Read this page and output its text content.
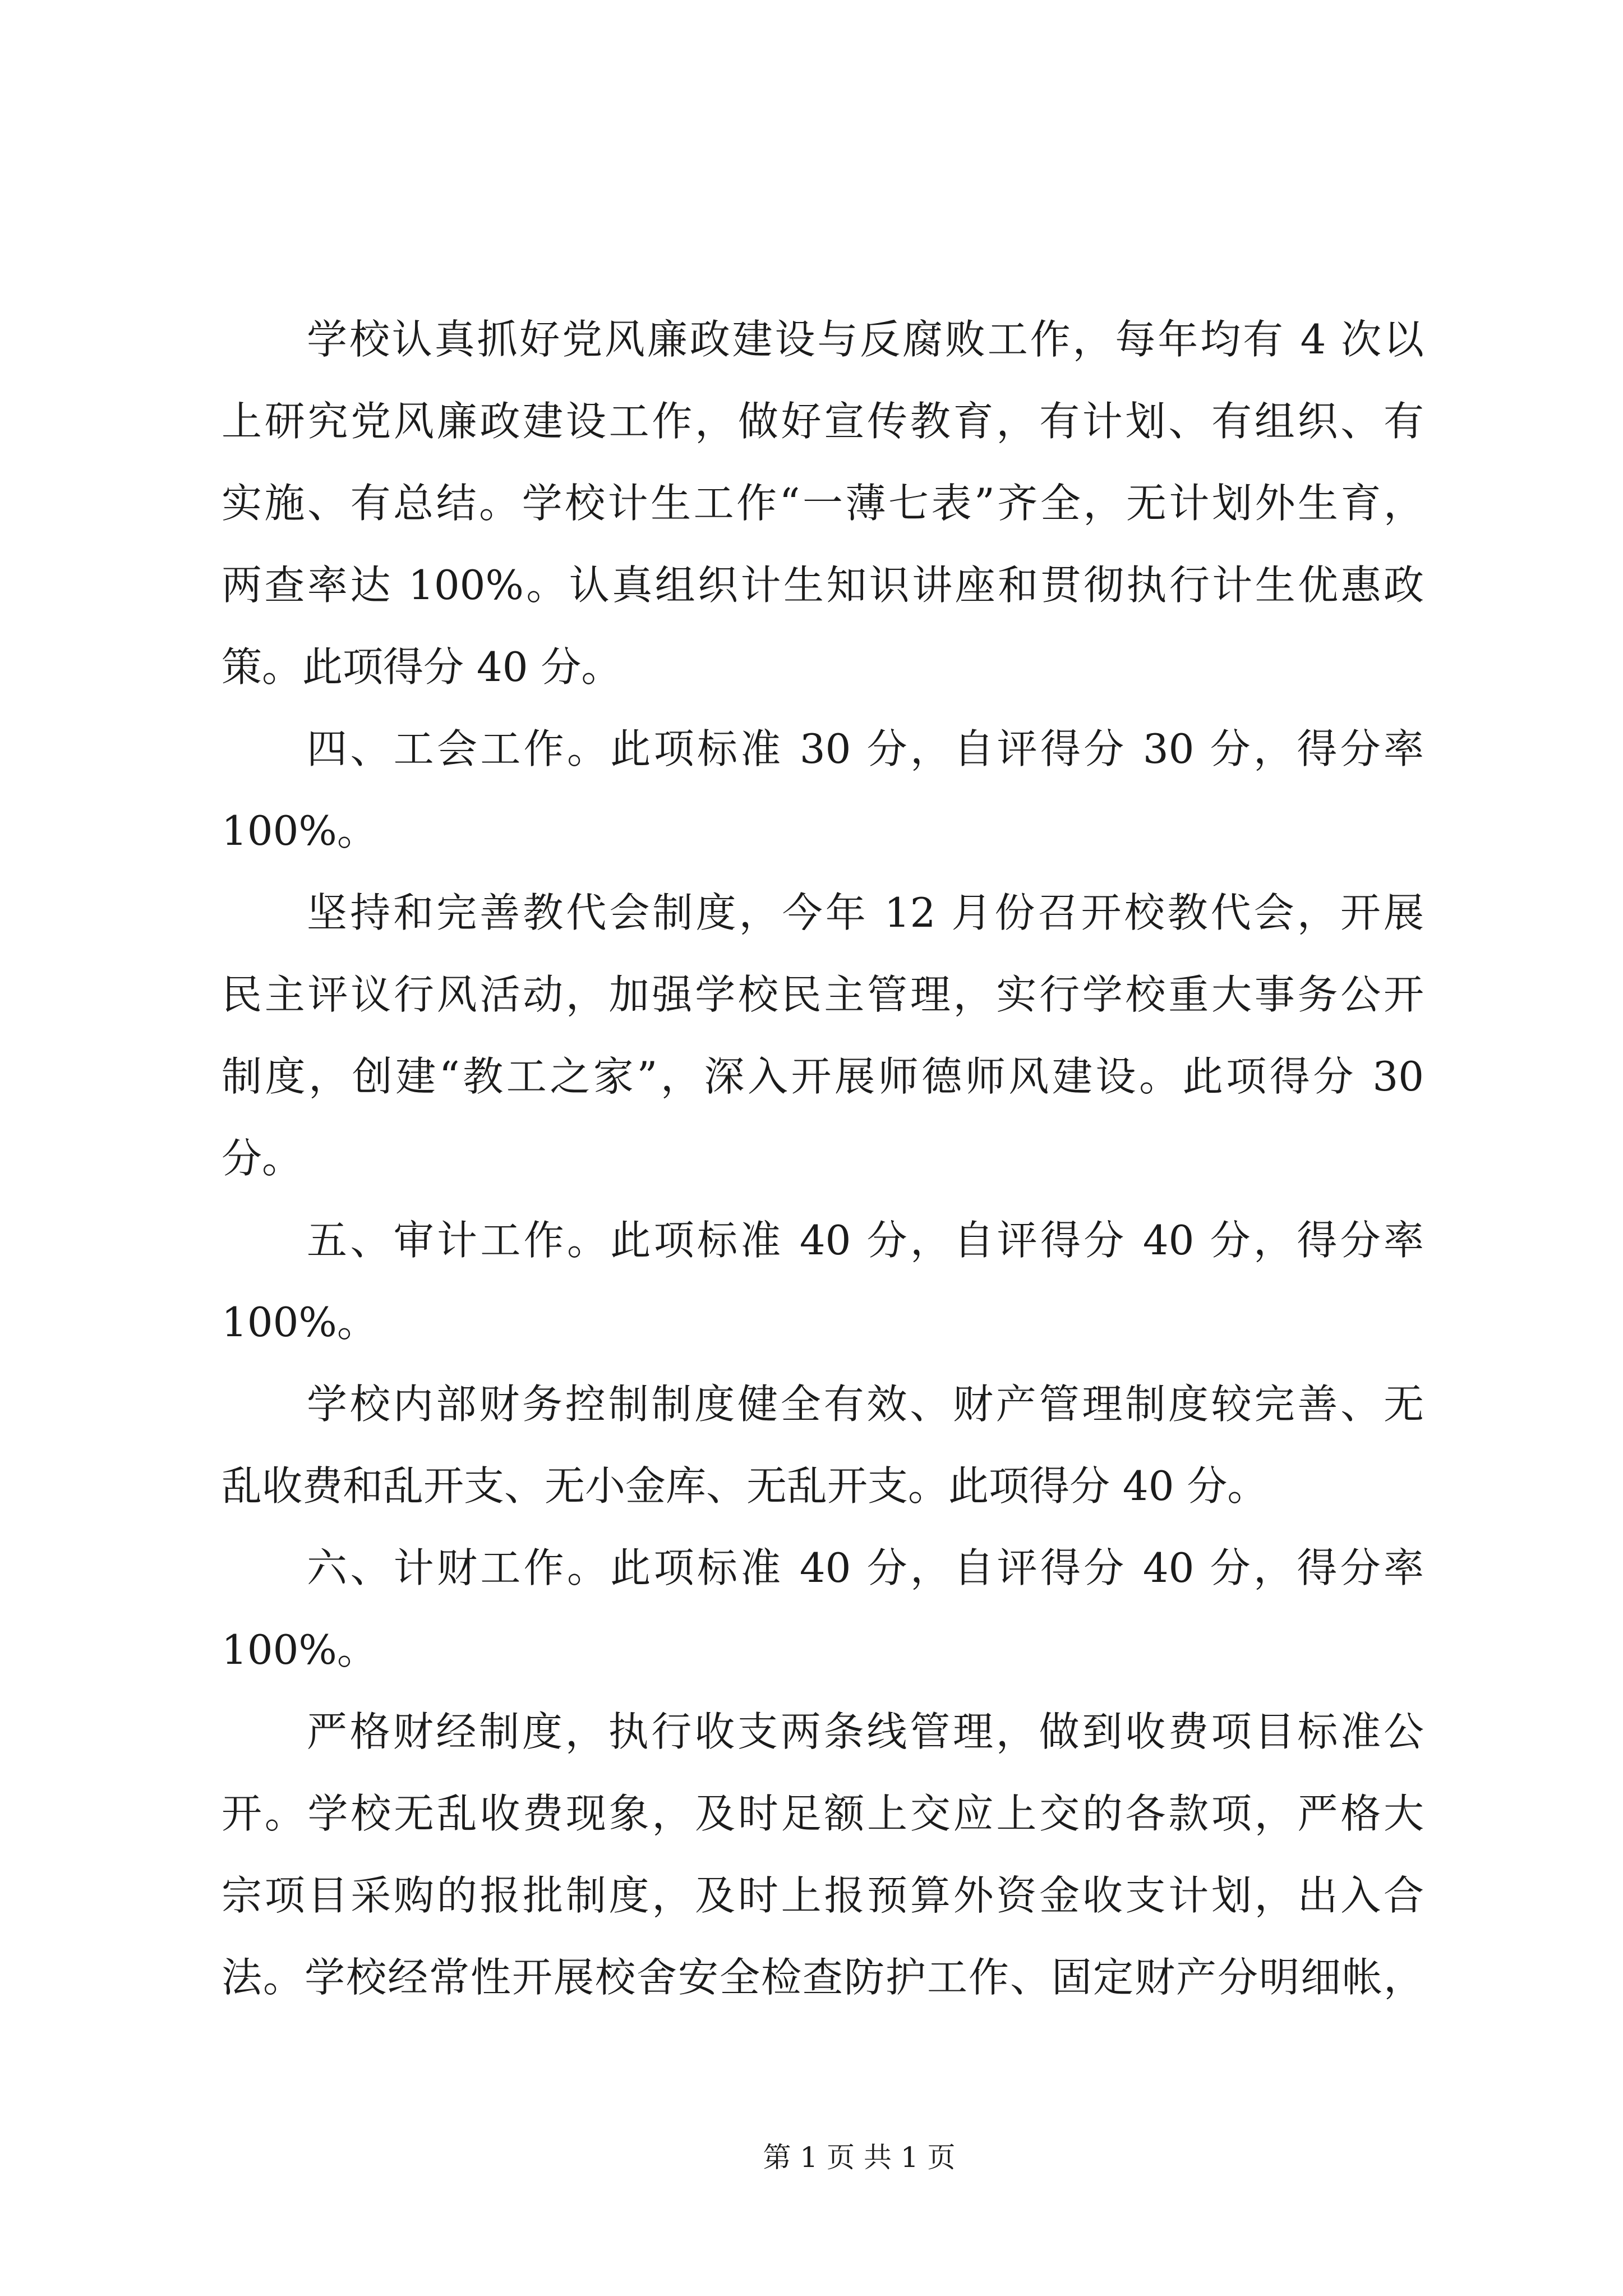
学校认真抓好党风廉政建设与反腐败工作，每年均有 4 次以
上研究党风廉政建设工作，做好宣传教育，有计划、有组织、有
实施、有总结。学校计生工作“一薄七表”齐全，无计划外生育，
两查率达 100%。认真组织计生知识讲座和贯彻执行计生优惠政
策。此项得分 40 分。
四、工会工作。此项标准 30 分，自评得分 30 分，得分率
100%。
坚持和完善教代会制度，今年 12 月份召开校教代会，开展
民主评议行风活动，加强学校民主管理，实行学校重大事务公开
制度，创建“教工之家”，深入开展师德师风建设。此项得分 30
分。
五、审计工作。此项标准 40 分，自评得分 40 分，得分率
100%。
学校内部财务控制制度健全有效、财产管理制度较完善、无
乱收费和乱开支、无小金库、无乱开支。此项得分 40 分。
六、计财工作。此项标准 40 分，自评得分 40 分，得分率
100%。
严格财经制度，执行收支两条线管理，做到收费项目标准公
开。学校无乱收费现象，及时足额上交应上交的各款项，严格大
宗项目采购的报批制度，及时上报预算外资金收支计划，出入合
法。学校经常性开展校舍安全检查防护工作、固定财产分明细帐，
第 1 页 共 1 页
